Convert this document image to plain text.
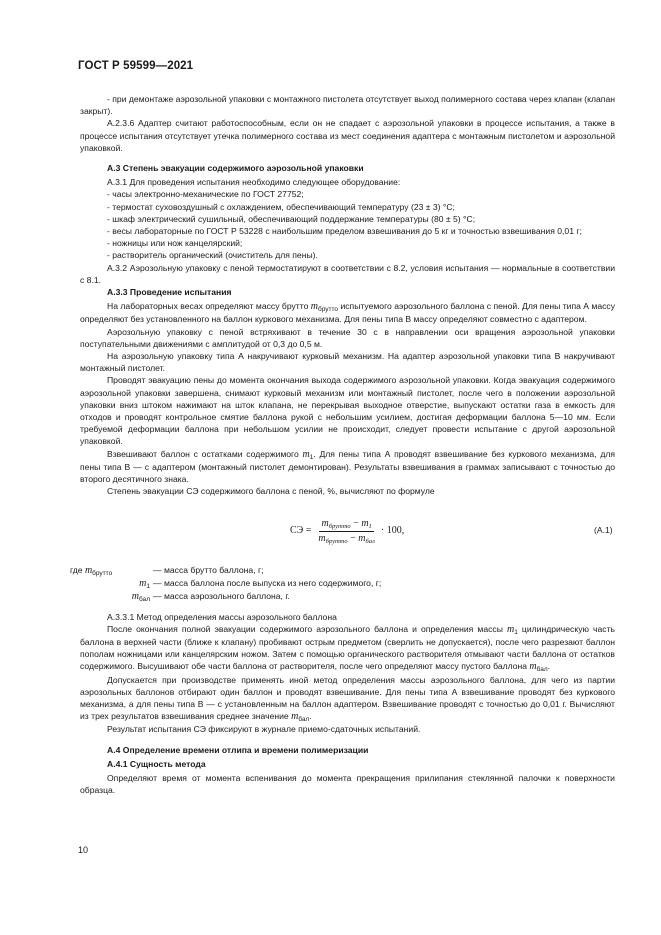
ГОСТ Р 59599—2021

- при демонтаже аэрозольной упаковки с монтажного пистолета отсутствует выход полимерного состава через клапан (клапан закрыт).

А.2.3.6 Адаптер считают работоспособным, если он не спадает с аэрозольной упаковки в процессе испытания, а также в процессе испытания отсутствует утечка полимерного состава из мест соединения адаптера с монтажным пистолетом и аэрозольной упаковкой.

А.3 Степень эвакуации содержимого аэрозольной упаковки

А.3.1 Для проведения испытания необходимо следующее оборудование:

- часы электронно-механические по ГОСТ 27752;

- термостат суховоздушный с охлаждением, обеспечивающий температуру (23 ± 3) °С;

- шкаф электрический сушильный, обеспечивающий поддержание температуры (80 ± 5) °С;

- весы лабораторные по ГОСТ Р 53228 с наибольшим пределом взвешивания до 5 кг и точностью взвешивания 0,01 г;

- ножницы или нож канцелярский;

- растворитель органический (очиститель для пены).

А.3.2 Аэрозольную упаковку с пеной термостатируют в соответствии с 8.2, условия испытания — нормальные в соответствии с 8.1.

А.3.3 Проведение испытания

На лабораторных весах определяют массу брутто $m_{брутто}$ испытуемого аэрозольного баллона с пеной. Для пены типа А массу определяют без установленного на баллон куркового механизма. Для пены типа В массу определяют совместно с адаптером.

Аэрозольную упаковку с пеной встряхивают в течение 30 с в направлении оси вращения аэрозольной упаковки поступательными движениями с амплитудой от 0,3 до 0,5 м.

На аэрозольную упаковку типа А накручивают курковый механизм. На адаптер аэрозольной упаковки типа В накручивают монтажный пистолет.

Проводят эвакуацию пены до момента окончания выхода содержимого аэрозольной упаковки. Когда эвакуация содержимого аэрозольной упаковки завершена, снимают курковый механизм или монтажный пистолет, после чего в положении аэрозольной упаковки вниз штоком нажимают на шток клапана, не перекрывая выходное отверстие, выпускают остатки газа в емкость для отходов и проводят контрольное смятие баллона рукой с небольшим усилием, достигая деформации баллона 5—10 мм. Если требуемой деформации баллона при небольшом усилии не происходит, следует провести испытание с другой аэрозольной упаковкой.

Взвешивают баллон с остатками содержимого $m_1$. Для пены типа А проводят взвешивание без куркового механизма, для пены типа В — с адаптером (монтажный пистолет демонтирован). Результаты взвешивания в граммах записывают с точностью до второго десятичного знака.

Степень эвакуации СЭ содержимого баллона с пеной, %, вычисляют по формуле

СЭ = $\frac{m_{брутто} - m_1}{m_{брутто} - m_{бал}} \cdot 100$,	(А.1)
где $m_{брутто}$	— масса брутто баллона, г;
$m_1$ — масса баллона после выпуска из него содержимого, г;
$m_{бал}$ — масса аэрозольного баллона, г.

А.3.3.1 Метод определения массы аэрозольного баллона

После окончания полной эвакуации содержимого аэрозольного баллона и определения массы $m_1$ цилиндрическую часть баллона в верхней части (ближе к клапану) пробивают острым предметом (сверлить не допускается), после чего разрезают баллон пополам ножницами или канцелярским ножом. Затем с помощью органического растворителя отмывают части баллона от остатков содержимого. Высушивают обе части баллона от растворителя, после чего определяют массу пустого баллона $m_{бал}$.

Допускается при производстве применять иной метод определения массы аэрозольного баллона, для чего из партии аэрозольных баллонов отбирают один баллон и проводят взвешивание. Для пены типа А взвешивание проводят без куркового механизма, а для пены типа В — с установленным на баллон адаптером. Взвешивание проводят с точностью до 0,01 г. Вычисляют из трех результатов взвешивания среднее значение $m_{бал}$.

Результат испытания СЭ фиксируют в журнале приемо-сдаточных испытаний.

А.4 Определение времени отлипа и времени полимеризации

А.4.1 Сущность метода

Определяют время от момента вспенивания до момента прекращения прилипания стеклянной палочки к поверхности образца.

10
